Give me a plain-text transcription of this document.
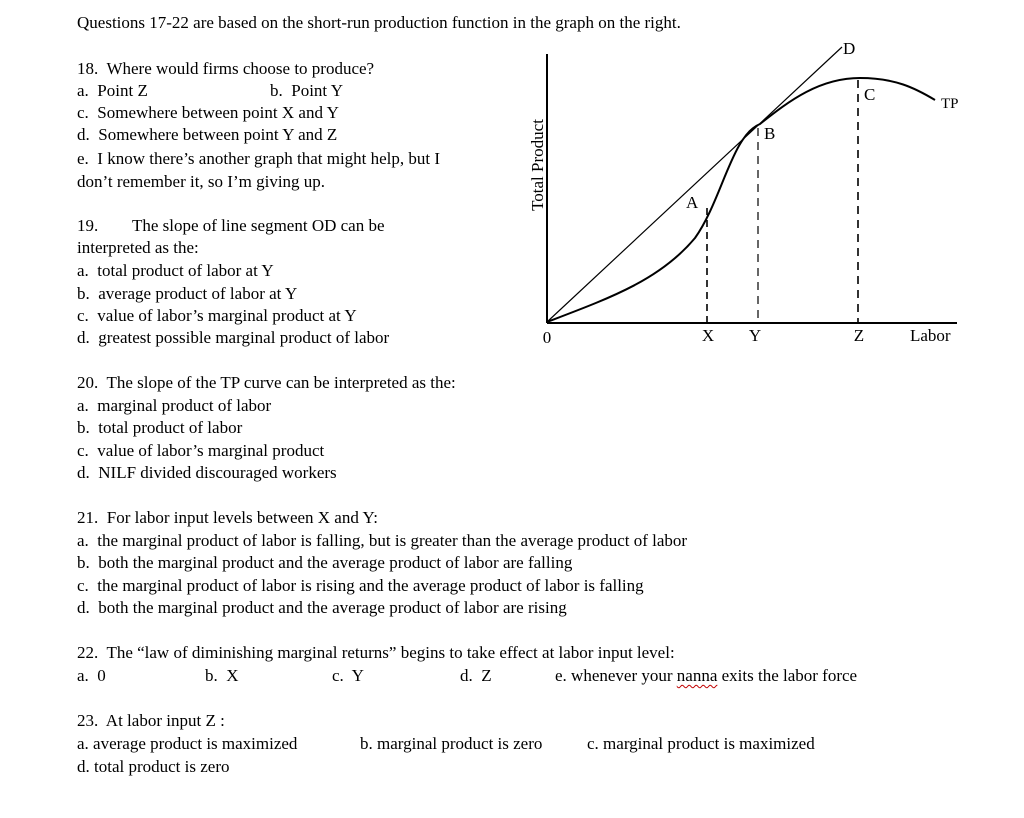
Questions 17-22 are based on the short-run production function in the graph on the right.
18.  Where would firms choose to produce?
a.  Point Z	b.  Point Y
c.  Somewhere between point X and Y
d.  Somewhere between point Y and Z
e.  I know there’s another graph that might help, but I
don’t remember it, so I’m giving up.
19.        The slope of line segment OD can be
interpreted as the:
a.  total product of labor at Y
b.  average product of labor at Y
c.  value of labor’s marginal product at Y
d.  greatest possible marginal product of labor
20.  The slope of the TP curve can be interpreted as the:
a.  marginal product of labor
b.  total product of labor
c.  value of labor’s marginal product
d.  NILF divided discouraged workers
21.  For labor input levels between X and Y:
a.  the marginal product of labor is falling, but is greater than the average product of labor
b.  both the marginal product and the average product of labor are falling
c.  the marginal product of labor is rising and the average product of labor is falling
d.  both the marginal product and the average product of labor are rising
22.  The “law of diminishing marginal returns” begins to take effect at labor input level:
a.  0	b.  X	c.  Y	d.  Z	e. whenever your nanna exits the labor force
23.  At labor input Z :
a. average product is maximized	b. marginal product is zero	c. marginal product is maximized
d. total product is zero
Total Product
0	X Y	Z	Labor
A
B
C
D
TP
